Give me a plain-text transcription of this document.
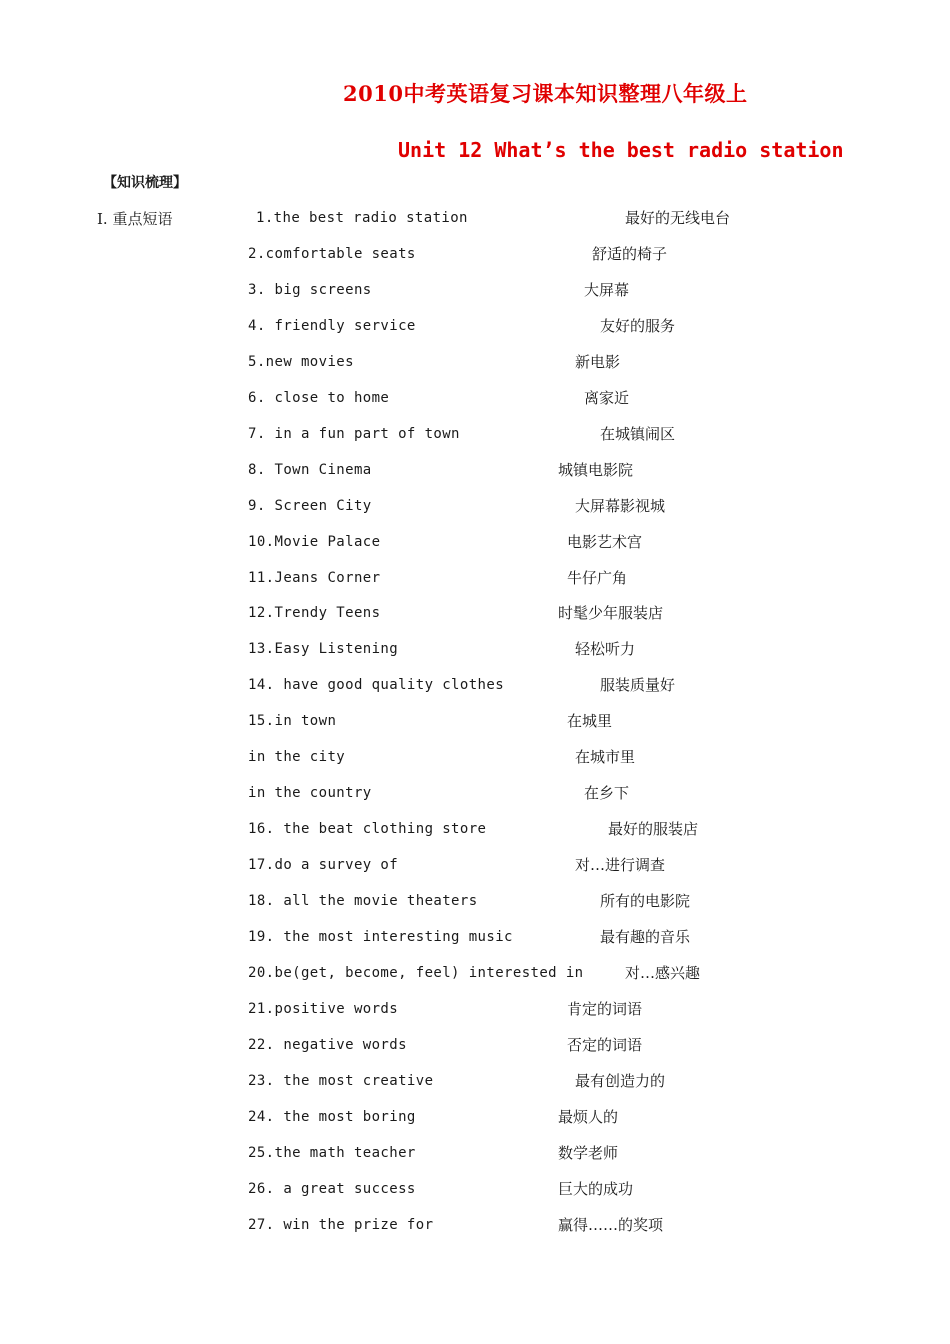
2010中考英语复习课本知识整理八年级上
Unit 12 What’s the best radio station
【知识梳理】
I. 重点短语	1.the best radio station	最好的无线电台
2.comfortable seats	舒适的椅子
3. big screens	大屏幕
4. friendly service	友好的服务
5.new movies	新电影
6. close to home	离家近
7. in a fun part of town	在城镇闹区
8. Town Cinema	城镇电影院
9. Screen City	大屏幕影视城
10.Movie Palace	电影艺术宫
11.Jeans Corner	牛仔广角
12.Trendy Teens	时髦少年服装店
13.Easy Listening	轻松听力
14. have good quality clothes	服装质量好
15.in town	在城里
in the city	在城市里
in the country	在乡下
16. the beat clothing store	最好的服装店
17.do a survey of	对…进行调查
18. all the movie theaters	所有的电影院
19. the most interesting music	最有趣的音乐
20.be(get, become, feel) interested in	对…感兴趣
21.positive words	肯定的词语
22. negative words	否定的词语
23. the most creative	最有创造力的
24. the most boring	最烦人的
25.the math teacher	数学老师
26. a great success	巨大的成功
27. win the prize for	赢得……的奖项
